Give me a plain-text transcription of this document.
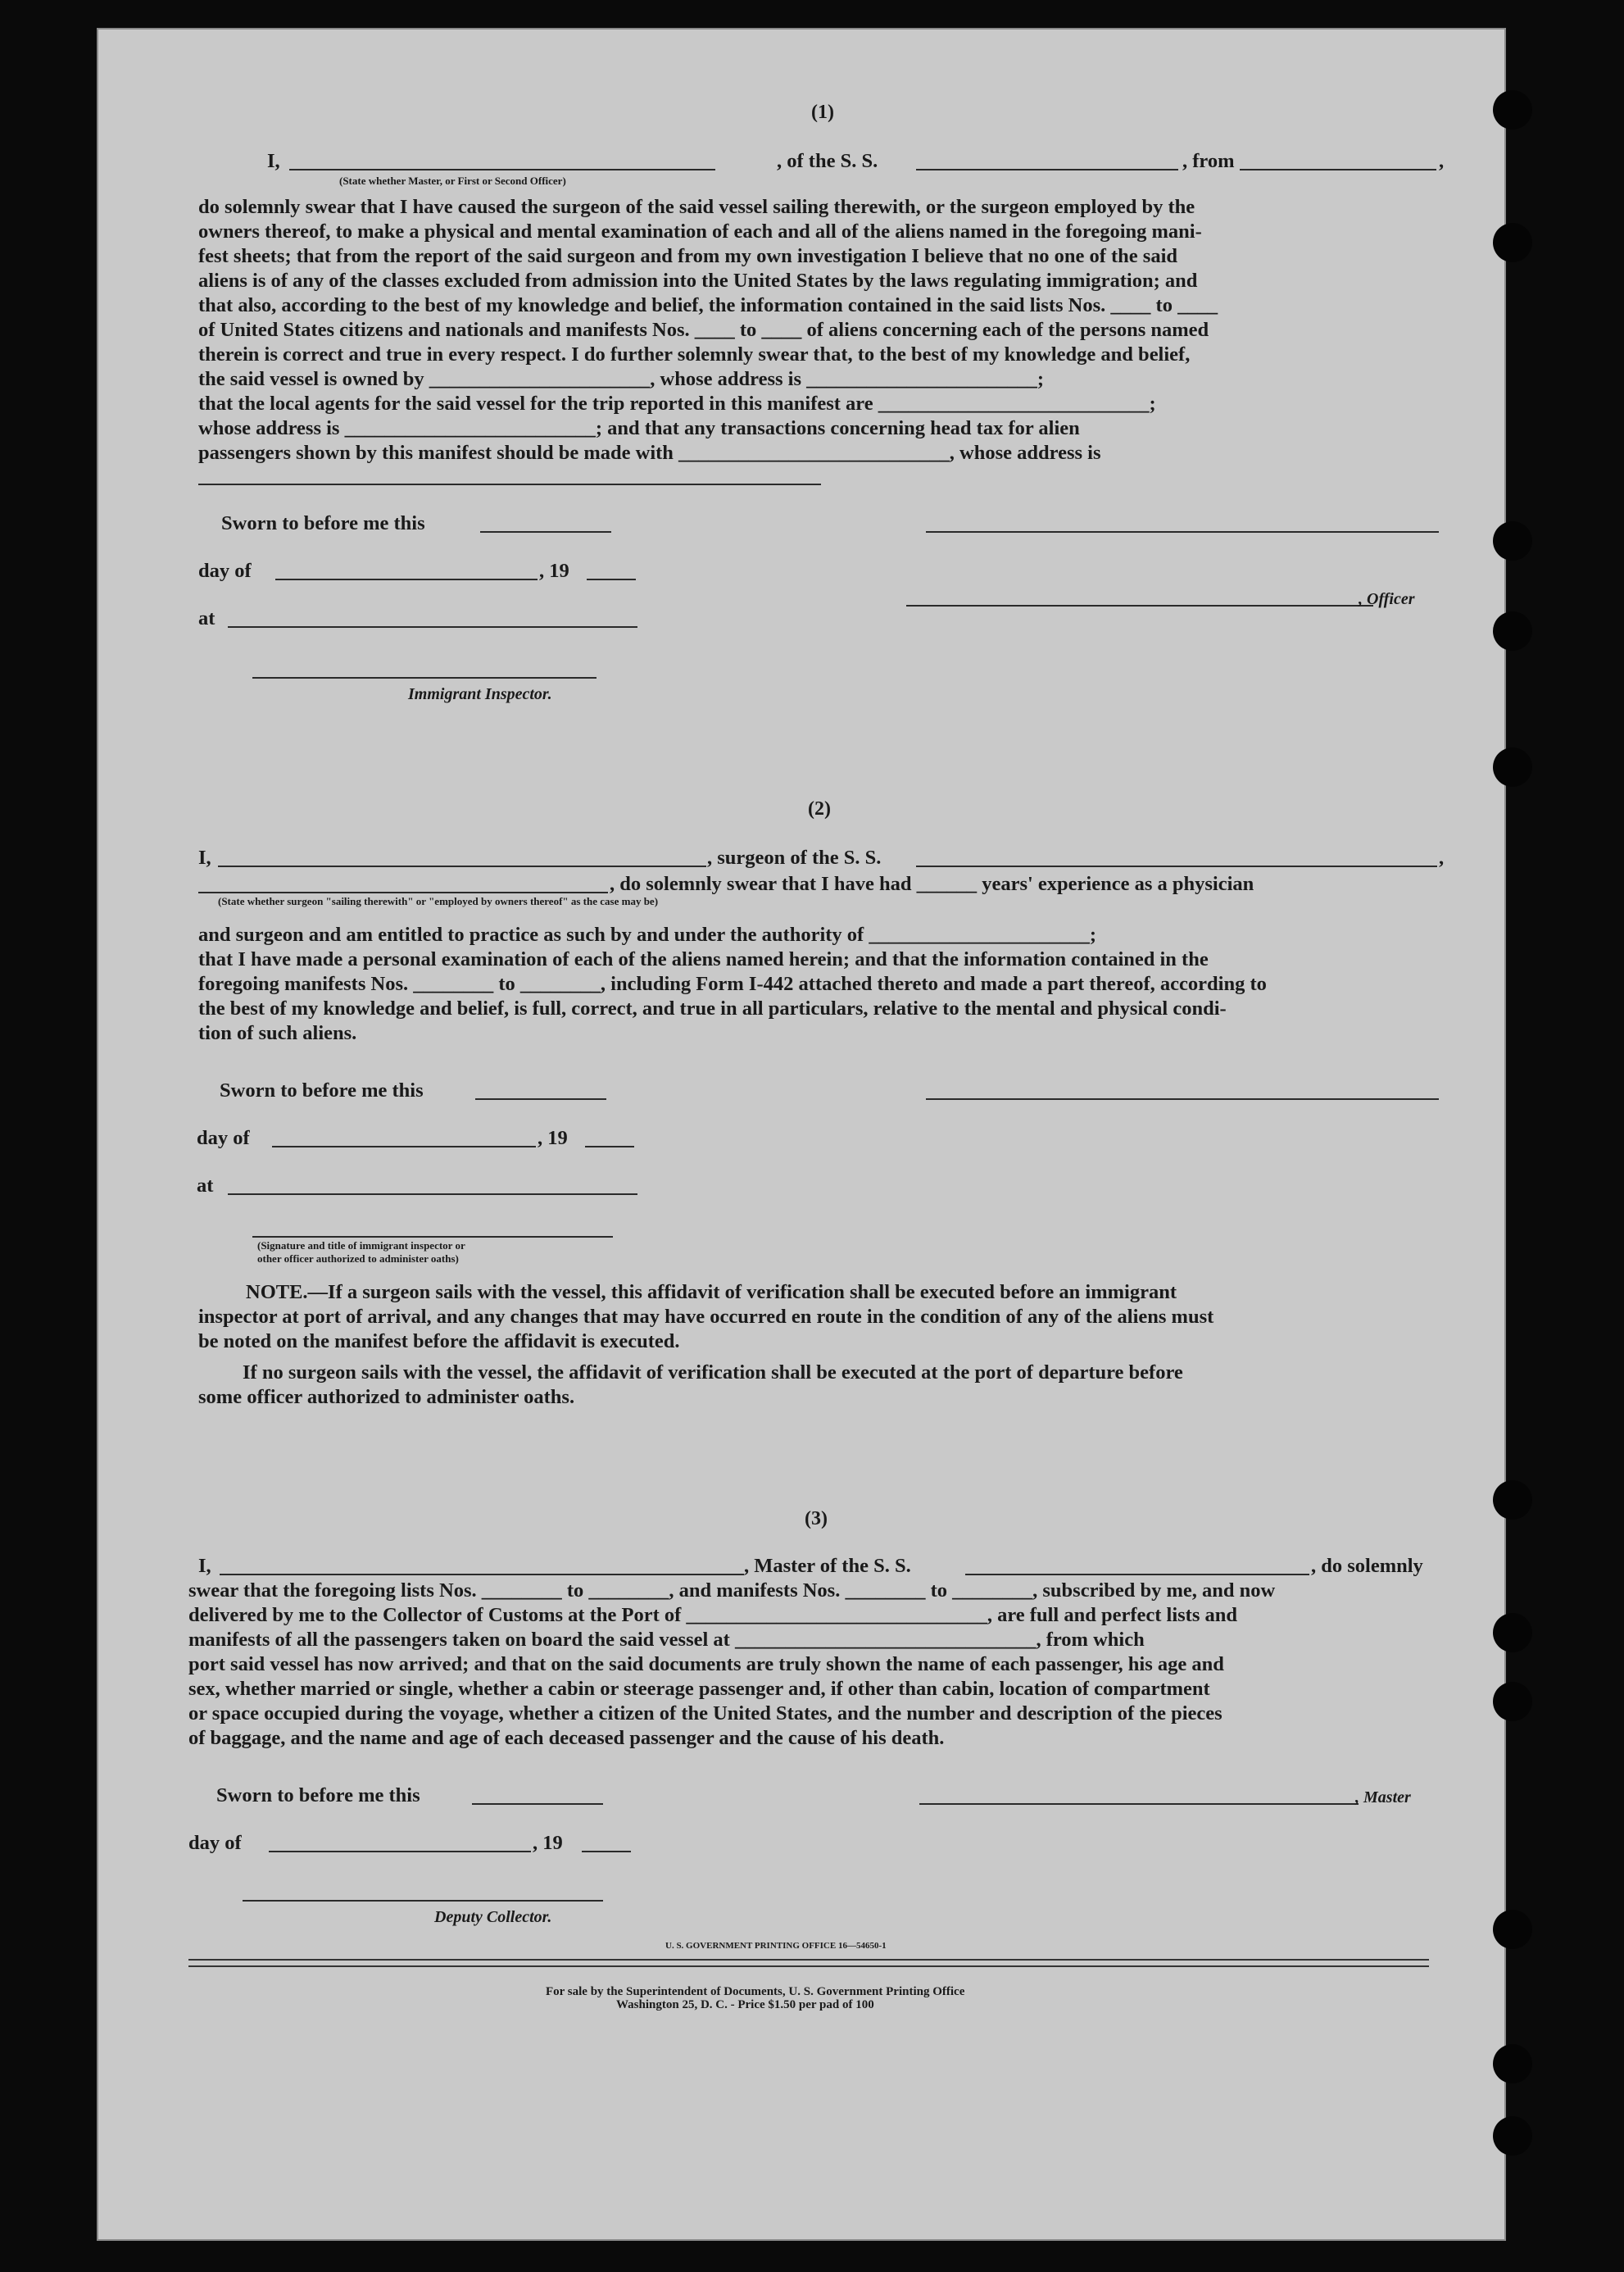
(1)
I,	, of the S. S.	, from	,
(State whether Master, or First or Second Officer)
do solemnly swear that I have caused the surgeon of the said vessel sailing therewith, or the surgeon employed by the
owners thereof, to make a physical and mental examination of each and all of the aliens named in the foregoing mani-
fest sheets; that from the report of the said surgeon and from my own investigation I believe that no one of the said
aliens is of any of the classes excluded from admission into the United States by the laws regulating immigration; and
that also, according to the best of my knowledge and belief, the information contained in the said lists Nos. ____ to ____
of United States citizens and nationals and manifests Nos. ____ to ____ of aliens concerning each of the persons named
therein is correct and true in every respect. I do further solemnly swear that, to the best of my knowledge and belief,
the said vessel is owned by ______________________, whose address is _______________________;
that the local agents for the said vessel for the trip reported in this manifest are ___________________________;
whose address is _________________________; and that any transactions concerning head tax for alien
passengers shown by this manifest should be made with ___________________________, whose address is
Sworn to before me this
day of	, 19
, Officer
at
Immigrant Inspector.
(2)
I,	, surgeon of the S. S.	,
, do solemnly swear that I have had ______ years' experience as a physician
(State whether surgeon "sailing therewith" or "employed by owners thereof" as the case may be)
and surgeon and am entitled to practice as such by and under the authority of ______________________;
that I have made a personal examination of each of the aliens named herein; and that the information contained in the
foregoing manifests Nos. ________ to ________, including Form I-442 attached thereto and made a part thereof, according to
the best of my knowledge and belief, is full, correct, and true in all particulars, relative to the mental and physical condi-
tion of such aliens.
Sworn to before me this
day of	, 19
at
(Signature and title of immigrant inspector or
other officer authorized to administer oaths)
NOTE.—If a surgeon sails with the vessel, this affidavit of verification shall be executed before an immigrant
inspector at port of arrival, and any changes that may have occurred en route in the condition of any of the aliens must
be noted on the manifest before the affidavit is executed.
If no surgeon sails with the vessel, the affidavit of verification shall be executed at the port of departure before
some officer authorized to administer oaths.
(3)
I,	, Master of the S. S.	, do solemnly
swear that the foregoing lists Nos. ________ to ________, and manifests Nos. ________ to ________, subscribed by me, and now
delivered by me to the Collector of Customs at the Port of ______________________________, are full and perfect lists and
manifests of all the passengers taken on board the said vessel at ______________________________, from which
port said vessel has now arrived; and that on the said documents are truly shown the name of each passenger, his age and
sex, whether married or single, whether a cabin or steerage passenger and, if other than cabin, location of compartment
or space occupied during the voyage, whether a citizen of the United States, and the number and description of the pieces
of baggage, and the name and age of each deceased passenger and the cause of his death.
Sworn to before me this	, Master
day of	, 19
Deputy Collector.
U. S. GOVERNMENT PRINTING OFFICE 16—54650-1
For sale by the Superintendent of Documents, U. S. Government Printing Office
Washington 25, D. C. - Price $1.50 per pad of 100
